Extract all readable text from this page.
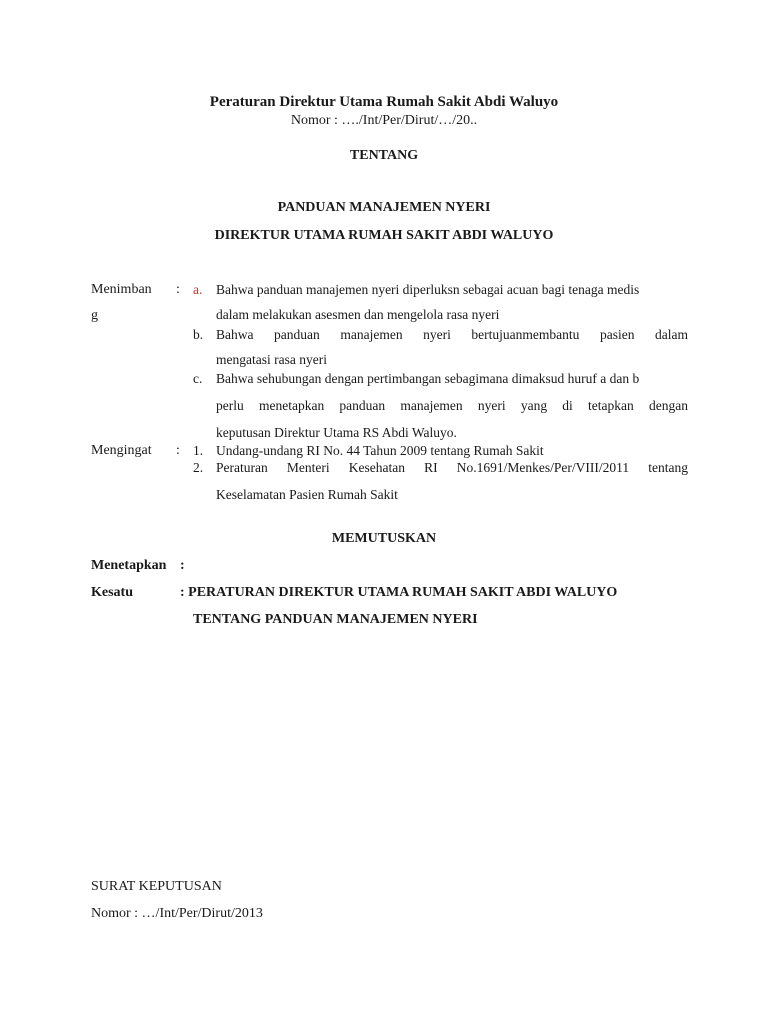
Peraturan Direktur Utama Rumah Sakit Abdi Waluyo
Nomor : …./Int/Per/Dirut/…/20..
TENTANG
PANDUAN MANAJEMEN NYERI
DIREKTUR UTAMA RUMAH SAKIT ABDI WALUYO
Menimban
g
: a. Bahwa panduan manajemen nyeri diperluksn sebagai acuan bagi tenaga medis
dalam melakukan asesmen dan mengelola rasa nyeri
b. Bahwa panduan manajemen nyeri bertujuanmembantu pasien dalam
mengatasi rasa nyeri
c. Bahwa sehubungan dengan pertimbangan sebagimana dimaksud huruf a dan b
perlu menetapkan panduan manajemen nyeri yang di tetapkan dengan
keputusan Direktur Utama RS Abdi Waluyo.
Mengingat : 1. Undang-undang RI No. 44 Tahun 2009 tentang Rumah Sakit
2. Peraturan Menteri Kesehatan RI No.1691/Menkes/Per/VIII/2011 tentang
Keselamatan Pasien Rumah Sakit
MEMUTUSKAN
Menetapkan :
Kesatu	: PERATURAN DIREKTUR UTAMA RUMAH SAKIT ABDI WALUYO
TENTANG PANDUAN MANAJEMEN NYERI
SURAT KEPUTUSAN
Nomor : …/Int/Per/Dirut/2013
